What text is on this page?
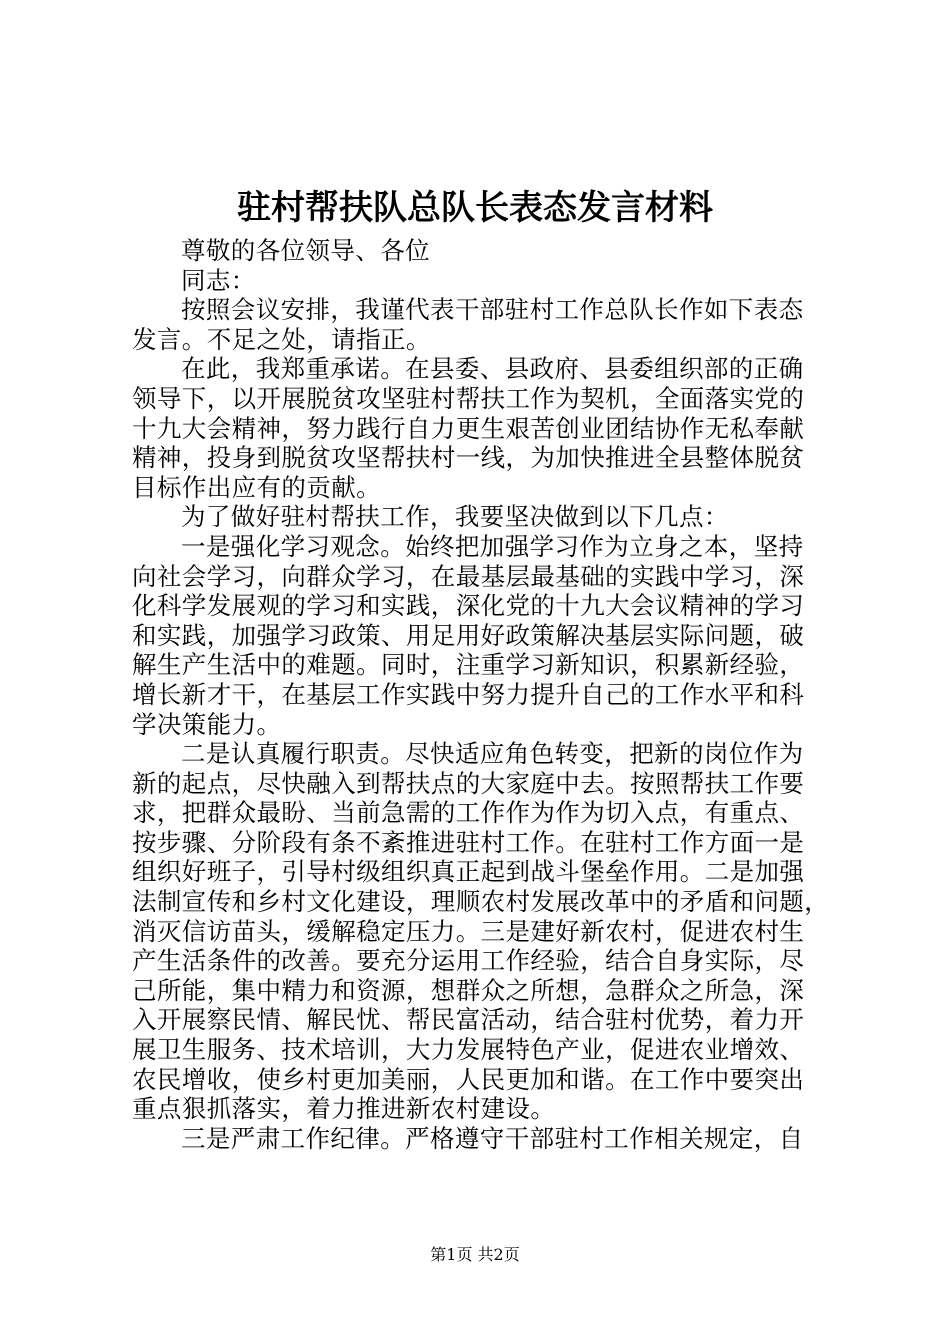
驻村帮扶队总队长表态发言材料
尊敬的各位领导、各位
同志：
按照会议安排，我谨代表干部驻村工作总队长作如下表态
发言。不足之处，请指正。
在此，我郑重承诺。在县委、县政府、县委组织部的正确
领导下，以开展脱贫攻坚驻村帮扶工作为契机，全面落实党的
十九大会精神，努力践行自力更生艰苦创业团结协作无私奉献
精神，投身到脱贫攻坚帮扶村一线，为加快推进全县整体脱贫
目标作出应有的贡献。
为了做好驻村帮扶工作，我要坚决做到以下几点：
一是强化学习观念。始终把加强学习作为立身之本，坚持
向社会学习，向群众学习，在最基层最基础的实践中学习，深
化科学发展观的学习和实践，深化党的十九大会议精神的学习
和实践，加强学习政策、用足用好政策解决基层实际问题，破
解生产生活中的难题。同时，注重学习新知识，积累新经验，
增长新才干，在基层工作实践中努力提升自己的工作水平和科
学决策能力。
二是认真履行职责。尽快适应角色转变，把新的岗位作为
新的起点，尽快融入到帮扶点的大家庭中去。按照帮扶工作要
求，把群众最盼、当前急需的工作作为作为切入点，有重点、
按步骤、分阶段有条不紊推进驻村工作。在驻村工作方面一是
组织好班子，引导村级组织真正起到战斗堡垒作用。二是加强
法制宣传和乡村文化建设，理顺农村发展改革中的矛盾和问题，
消灭信访苗头，缓解稳定压力。三是建好新农村，促进农村生
产生活条件的改善。要充分运用工作经验，结合自身实际，尽
己所能，集中精力和资源，想群众之所想，急群众之所急，深
入开展察民情、解民忧、帮民富活动，结合驻村优势，着力开
展卫生服务、技术培训，大力发展特色产业，促进农业增效、
农民增收，使乡村更加美丽，人民更加和谐。在工作中要突出
重点狠抓落实，着力推进新农村建设。
三是严肃工作纪律。严格遵守干部驻村工作相关规定，自
第1页 共2页
